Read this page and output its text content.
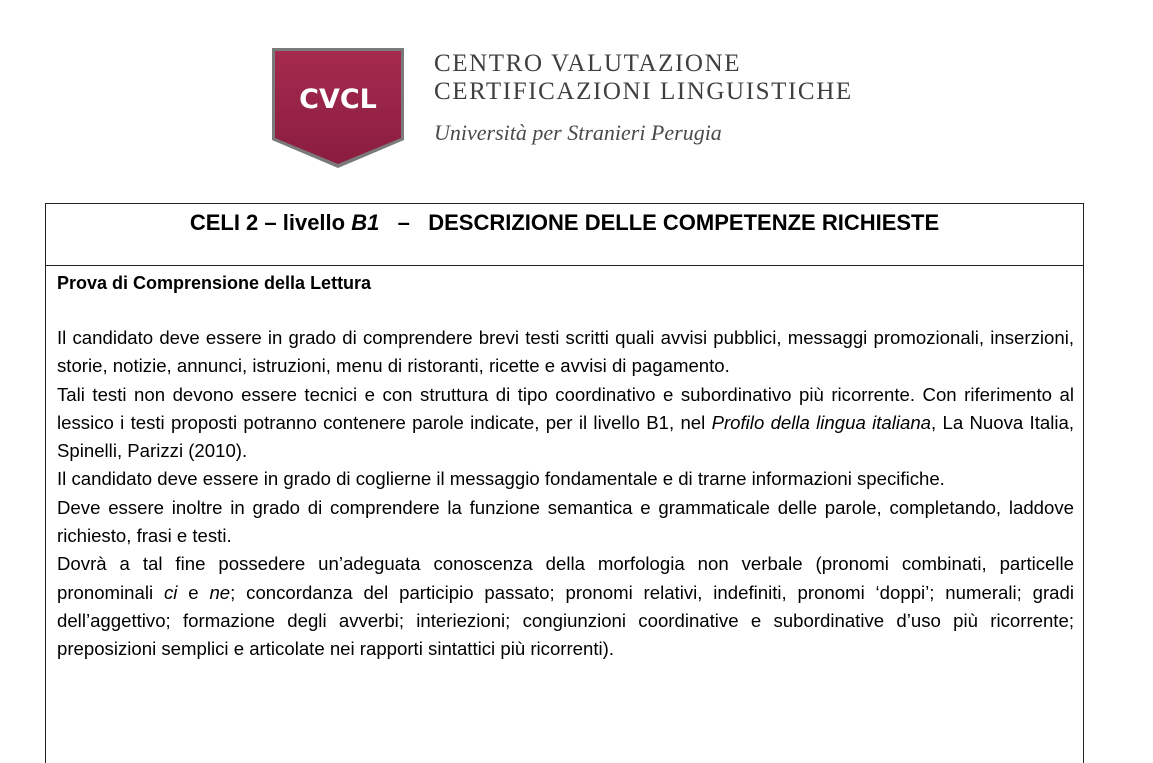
CVCL
CENTRO VALUTAZIONE
CERTIFICAZIONI LINGUISTICHE
Università per Stranieri Perugia
CELI 2 – livello B1   –   DESCRIZIONE DELLE COMPETENZE RICHIESTE
Prova di Comprensione della Lettura

Il candidato deve essere in grado di comprendere brevi testi scritti quali avvisi pubblici, messaggi promozionali, inserzioni, storie, notizie, annunci, istruzioni, menu di ristoranti, ricette e avvisi di pagamento.

Tali testi non devono essere tecnici e con struttura di tipo coordinativo e subordinativo più ricorrente. Con riferimento al lessico i testi proposti potranno contenere parole indicate, per il livello B1, nel Profilo della lingua italiana, La Nuova Italia, Spinelli, Parizzi (2010).

Il candidato deve essere in grado di coglierne il messaggio fondamentale e di trarne informazioni specifiche.

Deve essere inoltre in grado di comprendere la funzione semantica e grammaticale delle parole, completando, laddove richiesto, frasi e testi.

Dovrà a tal fine possedere un’adeguata conoscenza della morfologia non verbale (pronomi combinati, particelle pronominali ci e ne; concordanza del participio passato; pronomi relativi, indefiniti, pronomi ‘doppi’; numerali; gradi dell’aggettivo; formazione degli avverbi; interiezioni; congiunzioni coordinative e subordinative d’uso più ricorrente; preposizioni semplici e articolate nei rapporti sintattici più ricorrenti).
